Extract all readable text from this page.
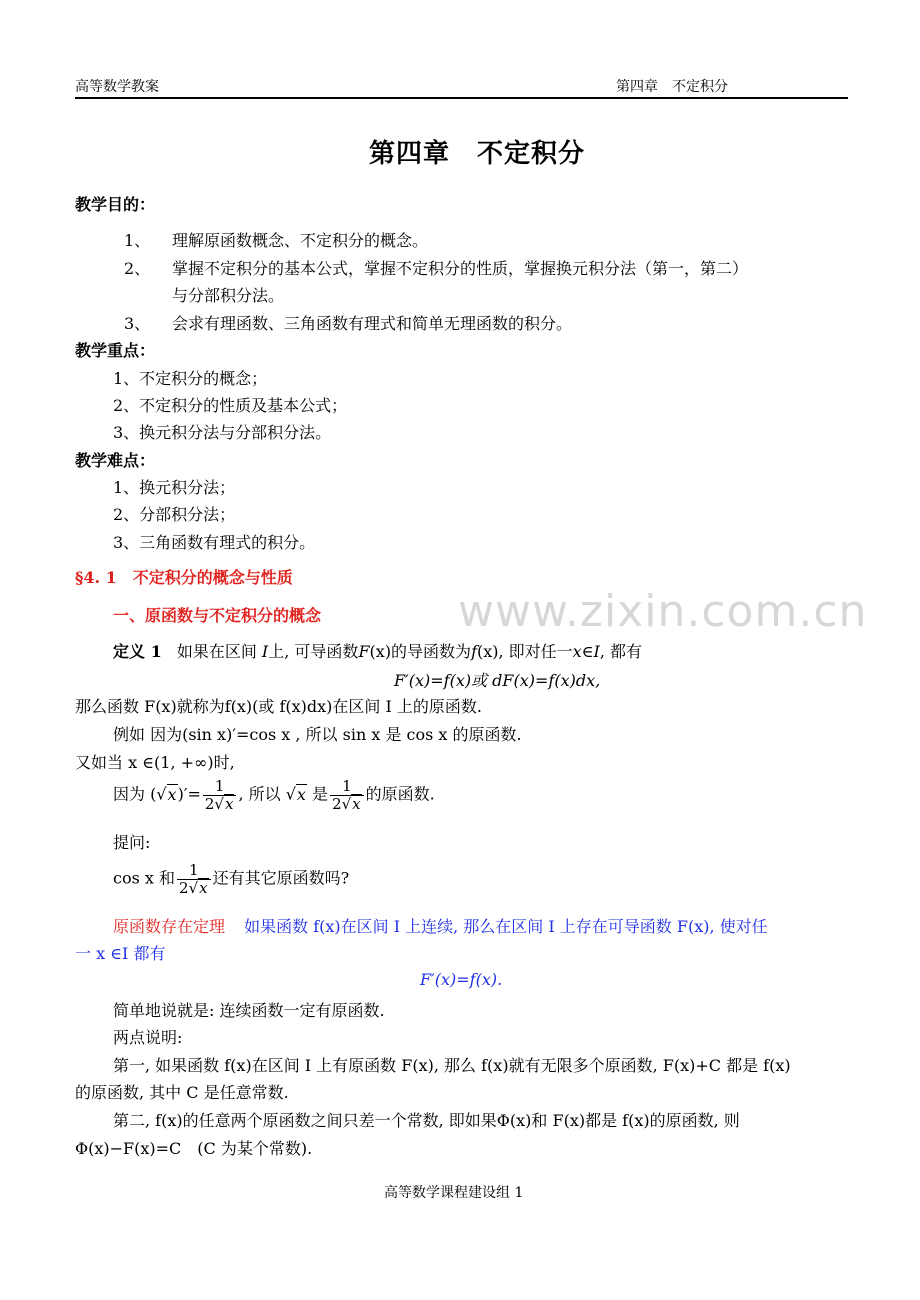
高等数学教案	第四章　不定积分
第四章　不定积分
教学目的：
1、 理解原函数概念、不定积分的概念。
2、 掌握不定积分的基本公式，掌握不定积分的性质，掌握换元积分法（第一，第二）
与分部积分法。
3、 会求有理函数、三角函数有理式和简单无理函数的积分。
教学重点：
1、不定积分的概念；
2、不定积分的性质及基本公式；
3、换元积分法与分部积分法。
教学难点：
1、换元积分法；
2、分部积分法；
3、三角函数有理式的积分。
§4. 1　不定积分的概念与性质
一、原函数与不定积分的概念	www.zixin.com.cn
定义 1 如果在区间 I上, 可导函数F(x)的导函数为f(x), 即对任一x∈I, 都有
F′(x)=f(x)或 dF(x)=f(x)dx,
那么函数 F(x)就称为f(x)(或 f(x)dx)在区间 I 上的原函数.
例如 因为(sin x)′=cos x , 所以 sin x 是 cos x 的原函数.
又如当 x ∈(1, +∞)时,
因为 $(√x)'= \frac{1}{2√x}$ , 所以 √x 是 $\frac{1}{2√x}$ 的原函数.
提问:
cos x 和 $\frac{1}{2√x}$ 还有其它原函数吗?
原函数存在定理 如果函数 f(x)在区间 I 上连续, 那么在区间 I 上存在可导函数 F(x), 使对任
一 x ∈I 都有
F′(x)=f(x).
简单地说就是: 连续函数一定有原函数.
两点说明:
第一, 如果函数 f(x)在区间 I 上有原函数 F(x), 那么 f(x)就有无限多个原函数, F(x)+C 都是 f(x)
的原函数, 其中 C 是任意常数.
第二, f(x)的任意两个原函数之间只差一个常数, 即如果Φ(x)和 F(x)都是 f(x)的原函数, 则
Φ(x)−F(x)=C　(C 为某个常数).
高等数学课程建设组 1
